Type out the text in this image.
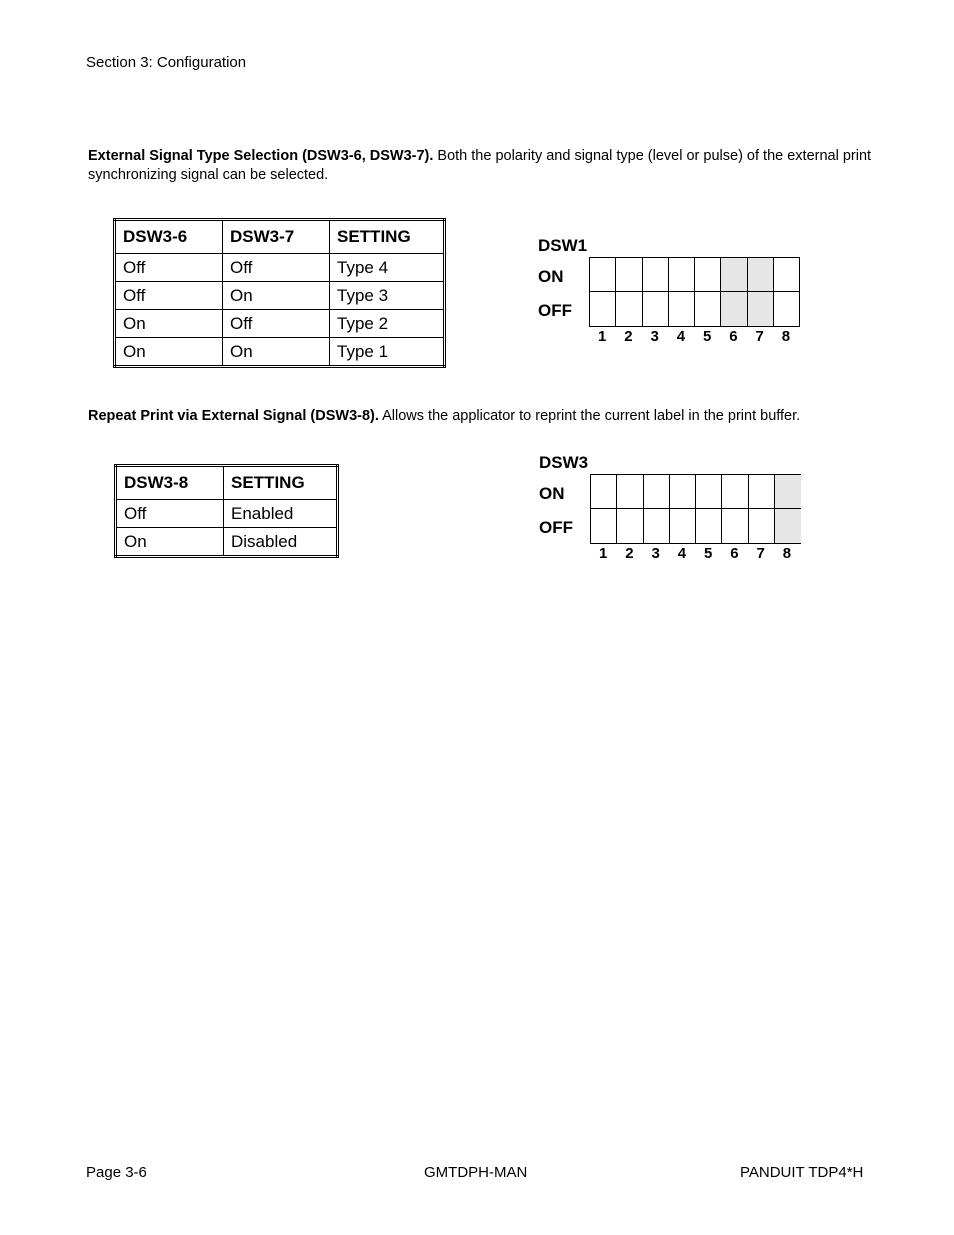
Section 3: Configuration
External Signal Type Selection (DSW3-6, DSW3-7). Both the polarity and signal type (level or pulse) of the external print synchronizing signal can be selected.
DSW3-6	DSW3-7	SETTING
Off	Off	Type 4
Off	On	Type 3
On	Off	Type 2
On	On	Type 1
DSW1
ON
OFF
1	2	3	4	5	6	7	8
Repeat Print via External Signal (DSW3-8). Allows the applicator to reprint the current label in the print buffer.
DSW3-8	SETTING
Off	Enabled
On	Disabled
DSW3
ON
OFF
1	2	3	4	5	6	7	8
Page 3-6	GMTDPH-MAN	PANDUIT TDP4*H
